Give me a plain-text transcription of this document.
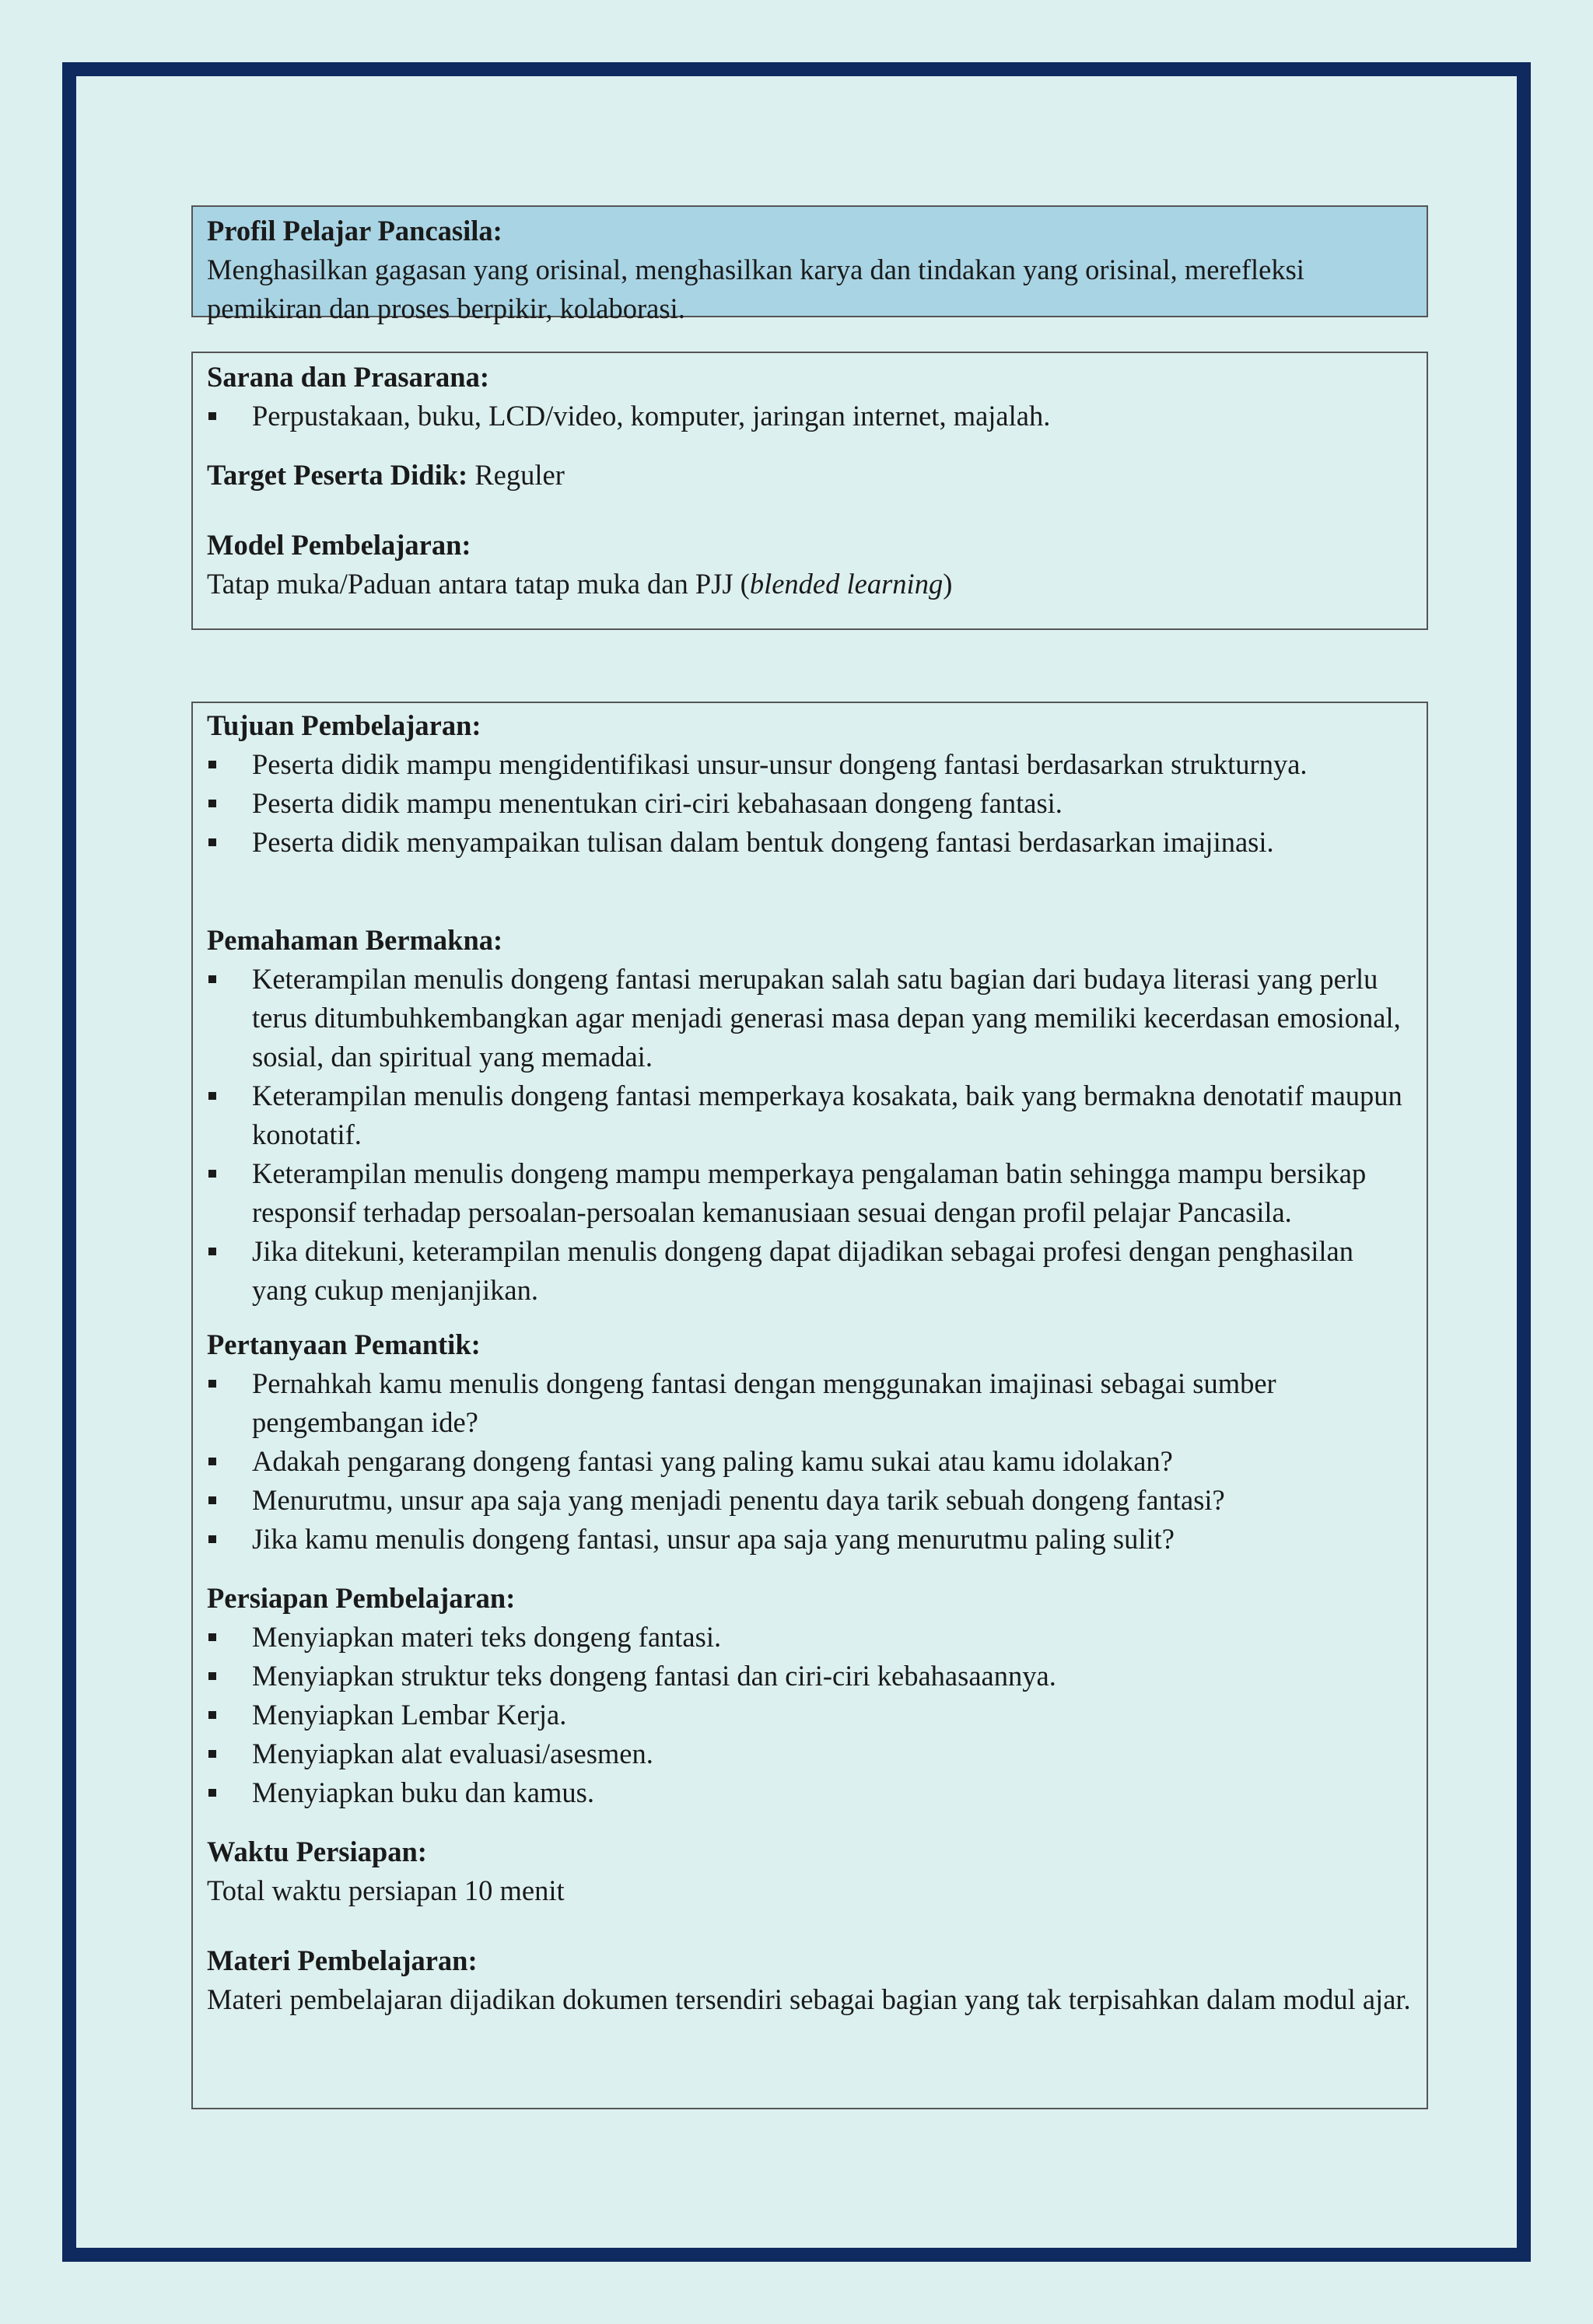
Profil Pelajar Pancasila:

Menghasilkan gagasan yang orisinal, menghasilkan karya dan tindakan yang orisinal, merefleksi pemikiran dan proses berpikir, kolaborasi.

Sarana dan Prasarana:
Perpustakaan, buku, LCD/video, komputer, jaringan internet, majalah.

Target Peserta Didik: Reguler

Model Pembelajaran:

Tatap muka/Paduan antara tatap muka dan PJJ (blended learning)

Tujuan Pembelajaran:
Peserta didik mampu mengidentifikasi unsur-unsur dongeng fantasi berdasarkan strukturnya.
Peserta didik mampu menentukan ciri-ciri kebahasaan dongeng fantasi.
Peserta didik menyampaikan tulisan dalam bentuk dongeng fantasi berdasarkan imajinasi.
Pemahaman Bermakna:
Keterampilan menulis dongeng fantasi merupakan salah satu bagian dari budaya literasi yang perlu terus ditumbuhkembangkan agar menjadi generasi masa depan yang memiliki kecerdasan emosional, sosial, dan spiritual yang memadai.
Keterampilan menulis dongeng fantasi memperkaya kosakata, baik yang bermakna denotatif maupun konotatif.
Keterampilan menulis dongeng mampu memperkaya pengalaman batin sehingga mampu bersikap responsif terhadap persoalan-persoalan kemanusiaan sesuai dengan profil pelajar Pancasila.
Jika ditekuni, keterampilan menulis dongeng dapat dijadikan sebagai profesi dengan penghasilan yang cukup menjanjikan.
Pertanyaan Pemantik:
Pernahkah kamu menulis dongeng fantasi dengan menggunakan imajinasi sebagai sumber pengembangan ide?
Adakah pengarang dongeng fantasi yang paling kamu sukai atau kamu idolakan?
Menurutmu, unsur apa saja yang menjadi penentu daya tarik sebuah dongeng fantasi?
Jika kamu menulis dongeng fantasi, unsur apa saja yang menurutmu paling sulit?
Persiapan Pembelajaran:
Menyiapkan materi teks dongeng fantasi.
Menyiapkan struktur teks dongeng fantasi dan ciri-ciri kebahasaannya.
Menyiapkan Lembar Kerja.
Menyiapkan alat evaluasi/asesmen.
Menyiapkan buku dan kamus.
Waktu Persiapan:

Total waktu persiapan 10 menit

Materi Pembelajaran:

Materi pembelajaran dijadikan dokumen tersendiri sebagai bagian yang tak terpisahkan dalam modul ajar.
